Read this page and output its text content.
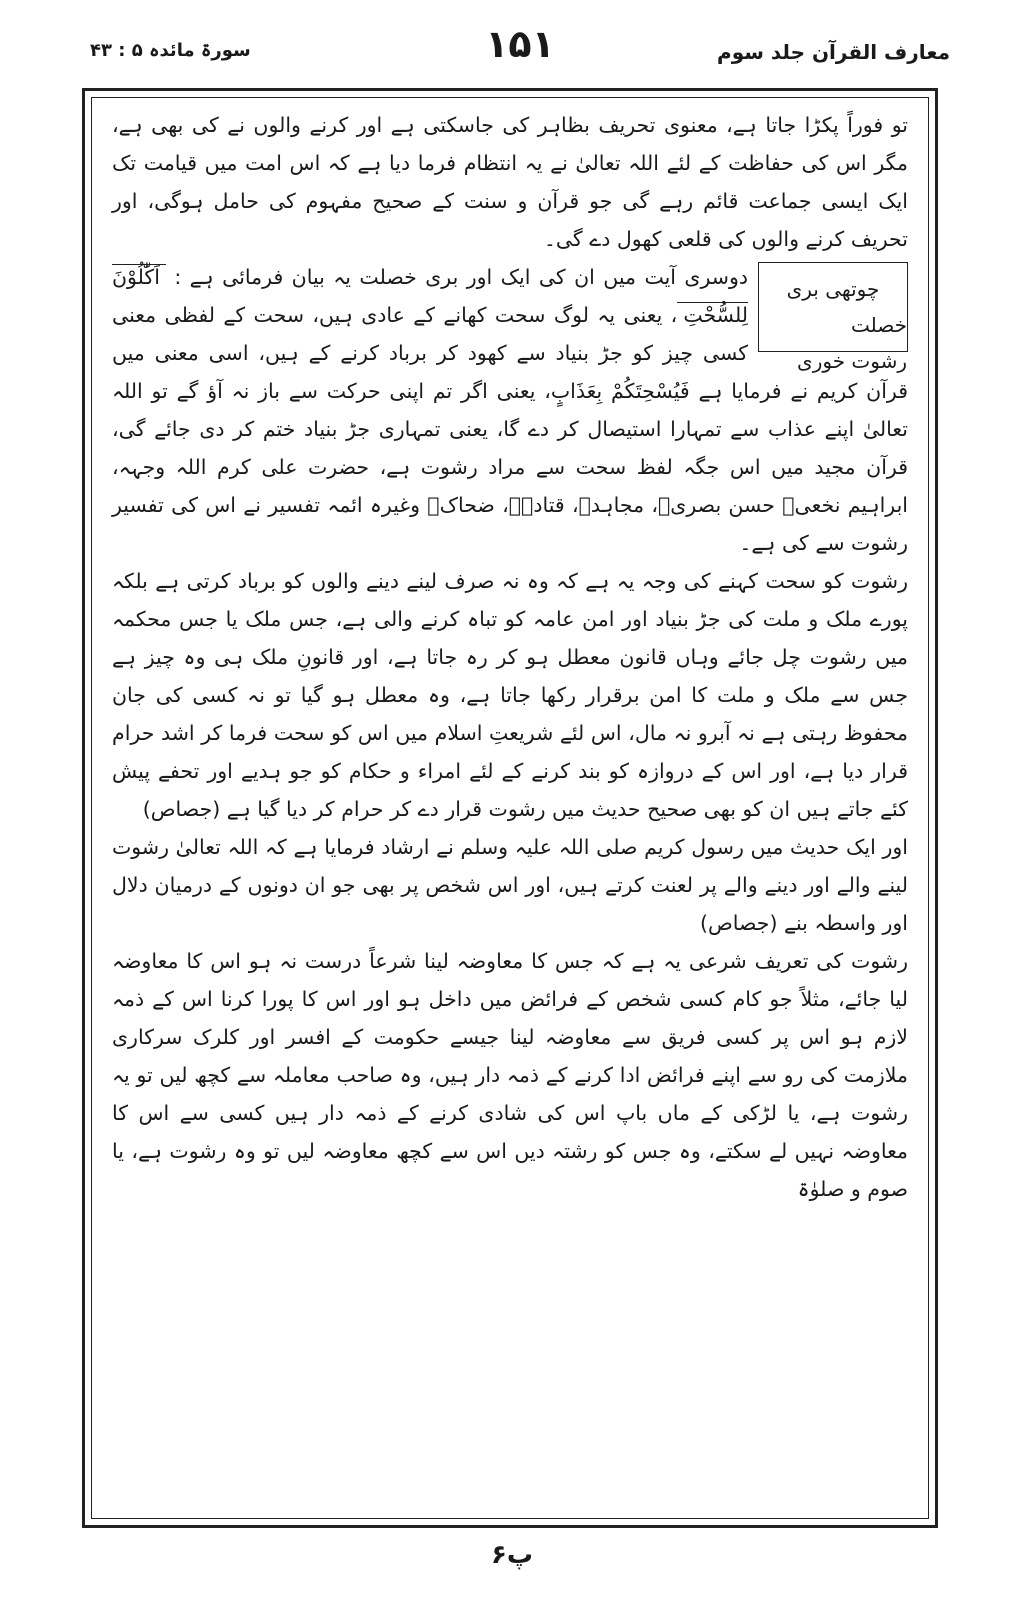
سورۃ مائدہ ۵ : ۴۳	۱۵۱	معارف القرآن جلد سوم

تو فوراً پکڑا جاتا ہے، معنوی تحریف بظاہر کی جاسکتی ہے اور کرنے والوں نے کی بھی ہے، مگر اس کی حفاظت کے لئے اللہ تعالیٰ نے یہ انتظام فرما دیا ہے کہ اس امت میں قیامت تک ایک ایسی جماعت قائم رہے گی جو قرآن و سنت کے صحیح مفہوم کی حامل ہوگی، اور تحریف کرنے والوں کی قلعی کھول دے گی۔

چوتھی بری خصلت
رشوت خوری

دوسری آیت میں ان کی ایک اور بری خصلت یہ بیان فرمائی ہے : اَكّٰلُوْنَ لِلسُّحْتِ، یعنی یہ لوگ سحت کھانے کے عادی ہیں، سحت کے لفظی معنی کسی چیز کو جڑ بنیاد سے کھود کر برباد کرنے کے ہیں، اسی معنی میں قرآن کریم نے فرمایا ہے فَيُسْحِتَكُمْ بِعَذَابٍ، یعنی اگر تم اپنی حرکت سے باز نہ آؤ گے تو اللہ تعالیٰ اپنے عذاب سے تمہارا استیصال کر دے گا، یعنی تمہاری جڑ بنیاد ختم کر دی جائے گی، قرآن مجید میں اس جگہ لفظ سحت سے مراد رشوت ہے، حضرت علی کرم اللہ وجہہ، ابراہیم نخعیؒ حسن بصریؒ، مجاہدؒ، قتادہؒ، ضحاکؒ وغیرہ ائمہ تفسیر نے اس کی تفسیر رشوت سے کی ہے۔

رشوت کو سحت کہنے کی وجہ یہ ہے کہ وہ نہ صرف لینے دینے والوں کو برباد کرتی ہے بلکہ پورے ملک و ملت کی جڑ بنیاد اور امن عامہ کو تباہ کرنے والی ہے، جس ملک یا جس محکمہ میں رشوت چل جائے وہاں قانون معطل ہو کر رہ جاتا ہے، اور قانونِ ملک ہی وہ چیز ہے جس سے ملک و ملت کا امن برقرار رکھا جاتا ہے، وہ معطل ہو گیا تو نہ کسی کی جان محفوظ رہتی ہے نہ آبرو نہ مال، اس لئے شریعتِ اسلام میں اس کو سحت فرما کر اشد حرام قرار دیا ہے، اور اس کے دروازہ کو بند کرنے کے لئے امراء و حکام کو جو ہدیے اور تحفے پیش کئے جاتے ہیں ان کو بھی صحیح حدیث میں رشوت قرار دے کر حرام کر دیا گیا ہے (جصاص)

اور ایک حدیث میں رسول کریم صلی اللہ علیہ وسلم نے ارشاد فرمایا ہے کہ اللہ تعالیٰ رشوت لینے والے اور دینے والے پر لعنت کرتے ہیں، اور اس شخص پر بھی جو ان دونوں کے درمیان دلال اور واسطہ بنے (جصاص)

رشوت کی تعریف شرعی یہ ہے کہ جس کا معاوضہ لینا شرعاً درست نہ ہو اس کا معاوضہ لیا جائے، مثلاً جو کام کسی شخص کے فرائض میں داخل ہو اور اس کا پورا کرنا اس کے ذمہ لازم ہو اس پر کسی فریق سے معاوضہ لینا جیسے حکومت کے افسر اور کلرک سرکاری ملازمت کی رو سے اپنے فرائض ادا کرنے کے ذمہ دار ہیں، وہ صاحب معاملہ سے کچھ لیں تو یہ رشوت ہے، یا لڑکی کے ماں باپ اس کی شادی کرنے کے ذمہ دار ہیں کسی سے اس کا معاوضہ نہیں لے سکتے، وہ جس کو رشتہ دیں اس سے کچھ معاوضہ لیں تو وہ رشوت ہے، یا صوم و صلوٰۃ

پ۶
